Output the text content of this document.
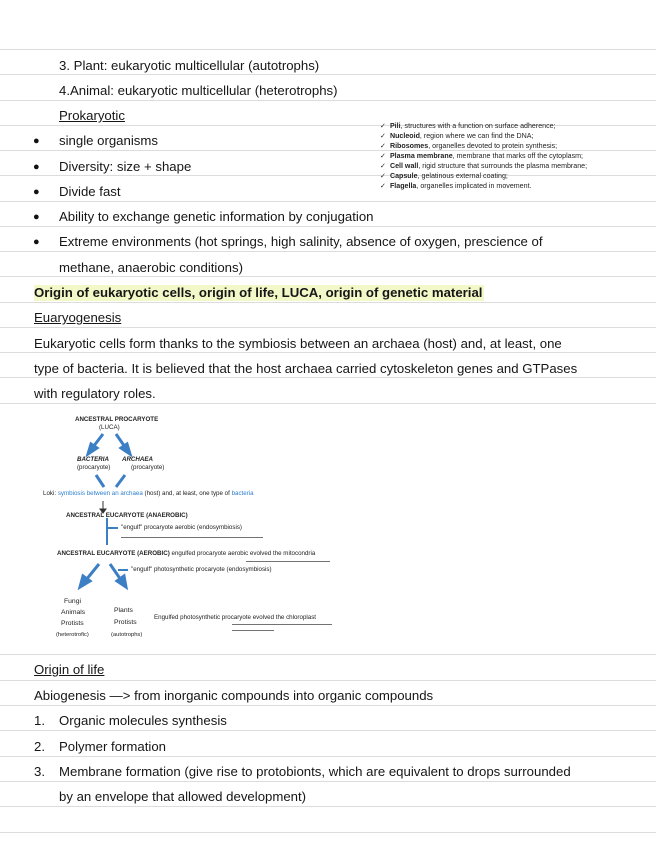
3. Plant: eukaryotic multicellular (autotrophs)
4.Animal: eukaryotic multicellular (heterotrophs)
Prokaryotic
● single organisms
● Diversity: size + shape
● Divide fast
● Ability to exchange genetic information by conjugation
● Extreme environments (hot springs, high salinity, absence of oxygen, prescience of
methane, anaerobic conditions)
✓ Pili, structures with a function on surface adherence;
✓ Nucleoid, region where we can find the DNA;
✓ Ribosomes, organelles devoted to protein synthesis;
✓ Plasma membrane, membrane that marks off the cytoplasm;
✓ Cell wall, rigid structure that surrounds the plasma membrane;
✓ Capsule, gelatinous external coating;
✓ Flagella, organelles implicated in movement.
Origin of eukaryotic cells, origin of life, LUCA, origin of genetic material
Euaryogenesis
Eukaryotic cells form thanks to the symbiosis between an archaea (host) and, at least, one
type of bacteria. It is believed that the host archaea carried cytoskeleton genes and GTPases
with regulatory roles.
ANCESTRAL PROCARYOTE
(LUCA)
BACTERIA
(procaryote)
ARCHAEA
(procaryote)
Loki: symbiosis between an archaea (host) and, at least, one type of bacteria
ANCESTRAL EUCARYOTE (ANAEROBIC)
"engulf" procaryote aerobic (endosymbiosis)
ANCESTRAL EUCARYOTE (AEROBIC) engulfed procaryote aerobic evolved the mitocondria
"engulf" photosynthetic procaryote (endosymbiosis)
Fungi
Animals
Protists
(heterotrofic)
Plants
Protists
(autotrophs)
Engulfed photosynthetic procaryote evolved the chloroplast
Origin of life
Abiogenesis —> from inorganic compounds into organic compounds
1. Organic molecules synthesis
2. Polymer formation
3. Membrane formation (give rise to protobionts, which are equivalent to drops surrounded
by an envelope that allowed development)
